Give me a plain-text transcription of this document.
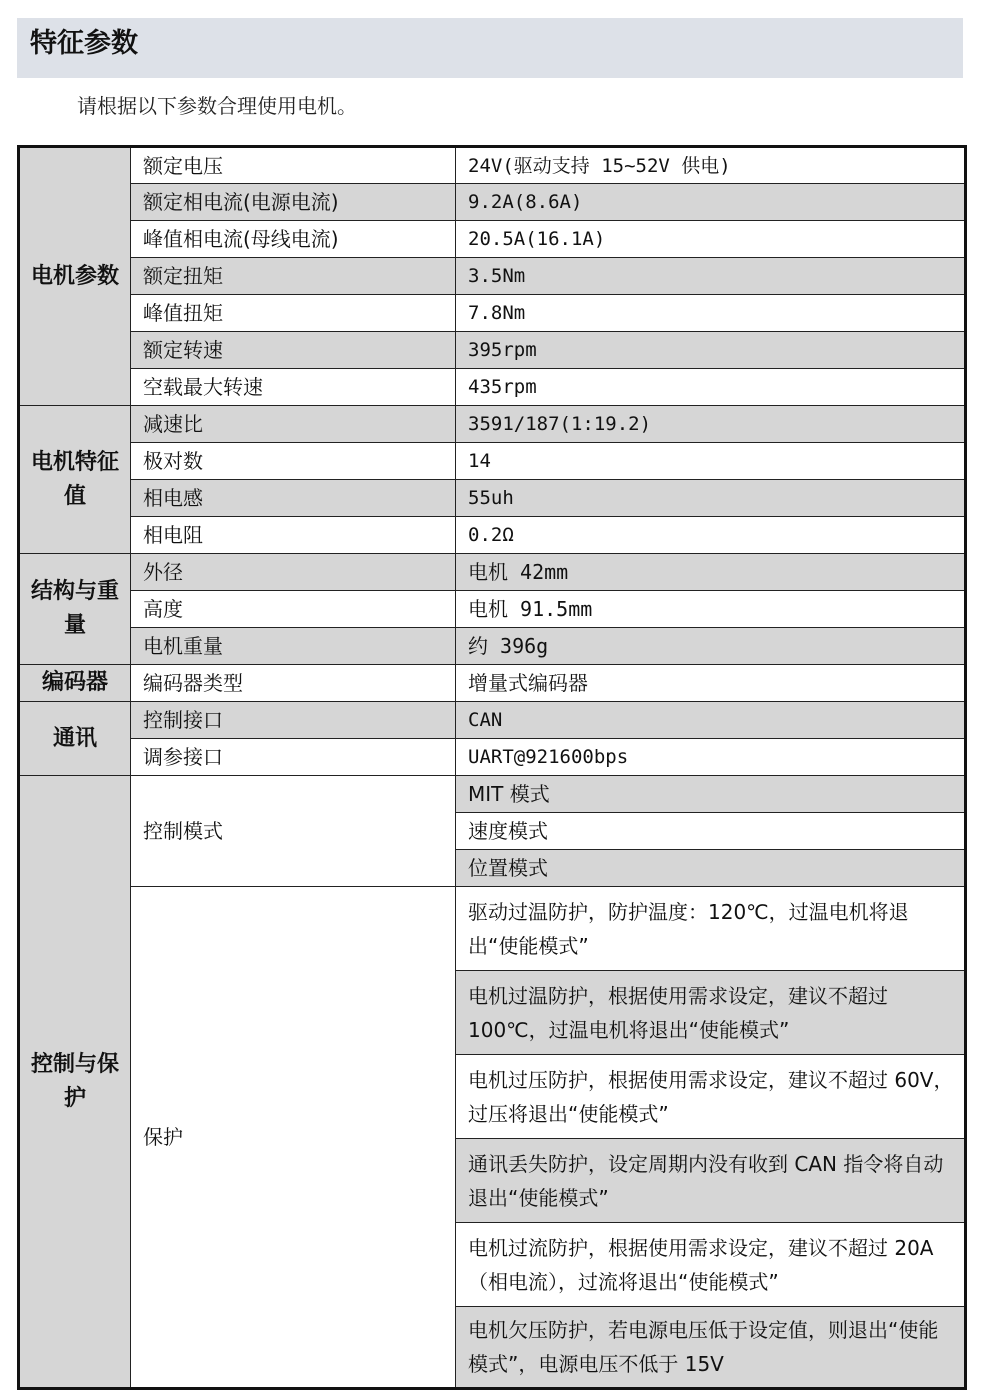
特征参数
请根据以下参数合理使用电机。
电机参数	额定电压	24V(驱动支持 15~52V 供电)
	额定相电流(电源电流)	9.2A(8.6A)
	峰值相电流(母线电流)	20.5A(16.1A)
	额定扭矩	3.5Nm
	峰值扭矩	7.8Nm
	额定转速	395rpm
	空载最大转速	435rpm
电机特征值	减速比	3591/187(1:19.2)
	极对数	14
	相电感	55uh
	相电阻	0.2Ω
结构与重量	外径	电机 42mm
	高度	电机 91.5mm
	电机重量	约 396g
编码器	编码器类型	增量式编码器
通讯	控制接口	CAN
	调参接口	UART@921600bps
控制与保护	控制模式	MIT 模式
		速度模式
		位置模式
	保护	驱动过温防护，防护温度：120℃，过温电机将退出“使能模式”
		电机过温防护，根据使用需求设定，建议不超过 100℃，过温电机将退出“使能模式”
		电机过压防护，根据使用需求设定，建议不超过 60V，过压将退出“使能模式”
		通讯丢失防护，设定周期内没有收到 CAN 指令将自动退出“使能模式”
		电机过流防护，根据使用需求设定，建议不超过 20A（相电流），过流将退出“使能模式”
		电机欠压防护，若电源电压低于设定值，则退出“使能模式”，电源电压不低于 15V
